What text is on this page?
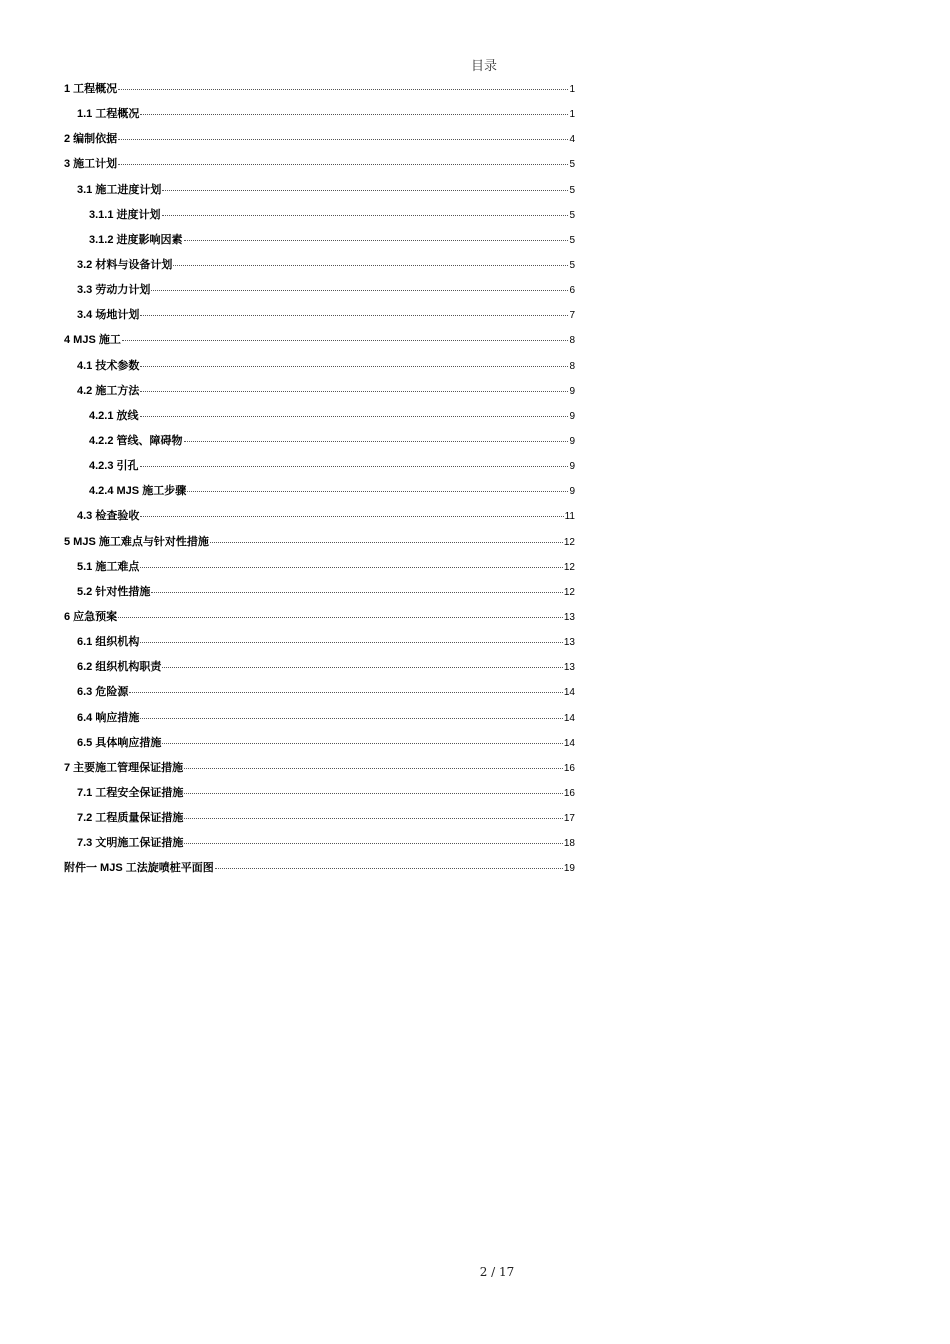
目录
1 工程概况	1
1.1 工程概况	1
2 编制依据	4
3 施工计划	5
3.1 施工进度计划	5
3.1.1 进度计划	5
3.1.2 进度影响因素	5
3.2 材料与设备计划	5
3.3 劳动力计划	6
3.4 场地计划	7
4 MJS 施工	8
4.1 技术参数	8
4.2 施工方法	9
4.2.1 放线	9
4.2.2 管线、障碍物	9
4.2.3 引孔	9
4.2.4 MJS 施工步骤	9
4.3 检查验收	11
5 MJS 施工难点与针对性措施	12
5.1 施工难点	12
5.2 针对性措施	12
6 应急预案	13
6.1 组织机构	13
6.2 组织机构职责	13
6.3 危险源	14
6.4 响应措施	14
6.5 具体响应措施	14
7 主要施工管理保证措施	16
7.1 工程安全保证措施	16
7.2 工程质量保证措施	17
7.3 文明施工保证措施	18
附件一 MJS 工法旋喷桩平面图	19
2 / 17
